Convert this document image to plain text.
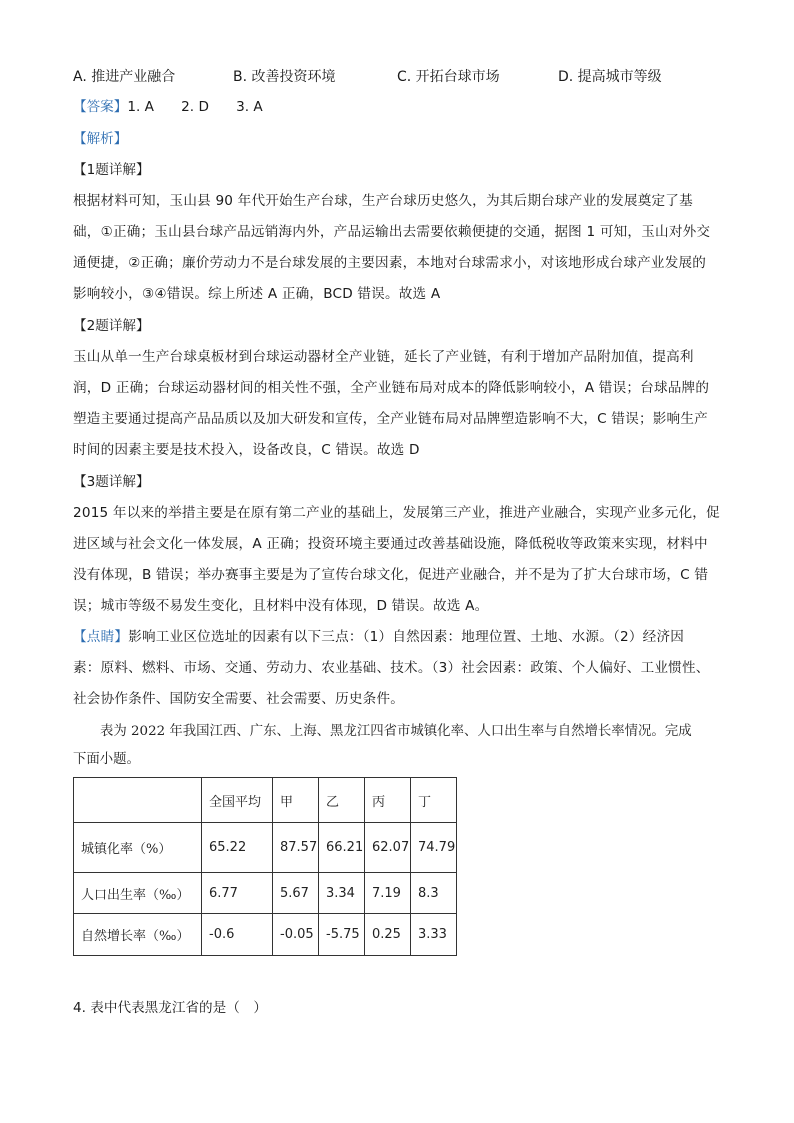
A. 推进产业融合	B. 改善投资环境	C. 开拓台球市场	D. 提高城市等级
【答案】1. A　　2. D　　3. A
【解析】
【1题详解】
根据材料可知，玉山县 90 年代开始生产台球，生产台球历史悠久，为其后期台球产业的发展奠定了基
础，①正确；玉山县台球产品远销海内外，产品运输出去需要依赖便捷的交通，据图 1 可知，玉山对外交
通便捷，②正确；廉价劳动力不是台球发展的主要因素，本地对台球需求小，对该地形成台球产业发展的
影响较小，③④错误。综上所述 A 正确，BCD 错误。故选 A
【2题详解】
玉山从单一生产台球桌板材到台球运动器材全产业链，延长了产业链，有利于增加产品附加值，提高利
润，D 正确；台球运动器材间的相关性不强，全产业链布局对成本的降低影响较小，A 错误；台球品牌的
塑造主要通过提高产品品质以及加大研发和宣传，全产业链布局对品牌塑造影响不大，C 错误；影响生产
时间的因素主要是技术投入，设备改良，C 错误。故选 D
【3题详解】
2015 年以来的举措主要是在原有第二产业的基础上，发展第三产业，推进产业融合，实现产业多元化，促
进区域与社会文化一体发展，A 正确；投资环境主要通过改善基础设施，降低税收等政策来实现，材料中
没有体现，B 错误；举办赛事主要是为了宣传台球文化，促进产业融合，并不是为了扩大台球市场，C 错
误；城市等级不易发生变化，且材料中没有体现，D 错误。故选 A。
【点睛】影响工业区位选址的因素有以下三点：（1）自然因素：地理位置、土地、水源。（2）经济因
素：原料、燃料、市场、交通、劳动力、农业基础、技术。（3）社会因素：政策、个人偏好、工业惯性、
社会协作条件、国防安全需要、社会需要、历史条件。
表为 2022 年我国江西、广东、上海、黑龙江四省市城镇化率、人口出生率与自然增长率情况。完成
下面小题。
	全国平均	甲	乙	丙	丁
城镇化率（%）	65.22	87.57	66.21	62.07	74.79
人口出生率（‰）	6.77	5.67	3.34	7.19	8.3
自然增长率（‰）	-0.6	-0.05	-5.75	0.25	3.33
4. 表中代表黑龙江省的是（　）
